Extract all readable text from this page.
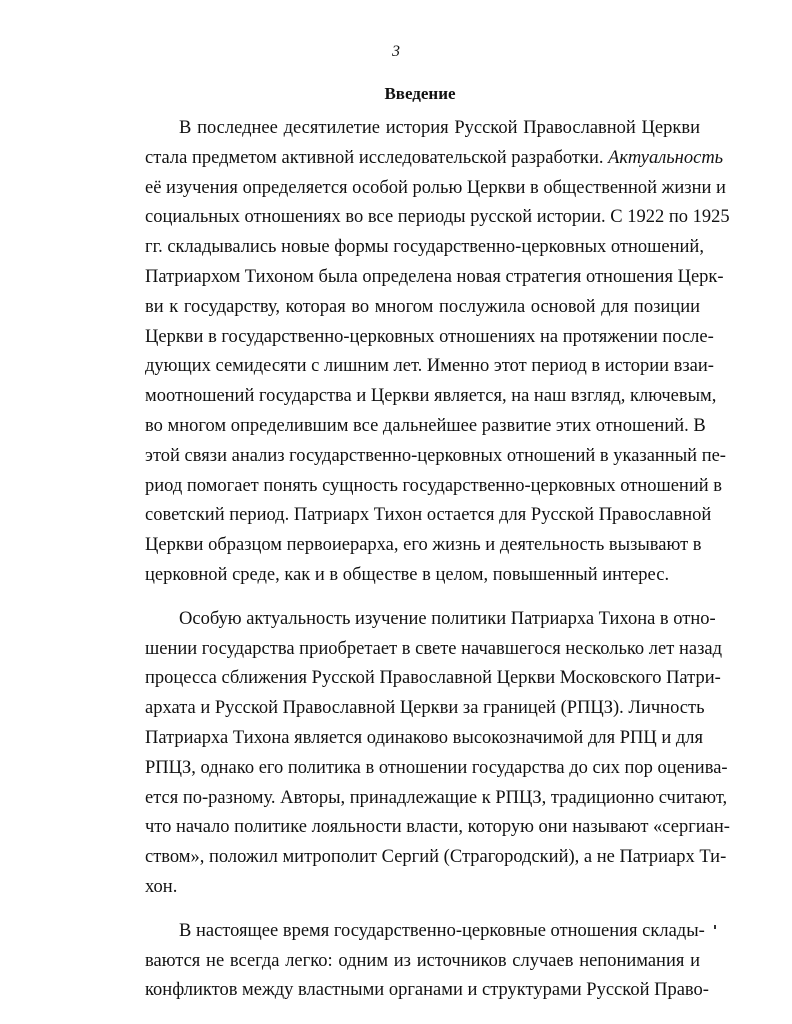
3
Введение
В последнее десятилетие история Русской Православной Церкви
стала предметом активной исследовательской разработки. Актуальность
её изучения определяется особой ролью Церкви в общественной жизни и
социальных отношениях во все периоды русской истории. С 1922 по 1925
гг. складывались новые формы государственно-церковных отношений,
Патриархом Тихоном была определена новая стратегия отношения Церк-
ви к государству, которая во многом послужила основой для позиции
Церкви в государственно-церковных отношениях на протяжении после-
дующих семидесяти с лишним лет. Именно этот период в истории взаи-
моотношений государства и Церкви является, на наш взгляд, ключевым,
во многом определившим все дальнейшее развитие этих отношений. В
этой связи анализ государственно-церковных отношений в указанный пе-
риод помогает понять сущность государственно-церковных отношений в
советский период. Патриарх Тихон остается для Русской Православной
Церкви образцом первоиерарха, его жизнь и деятельность вызывают в
церковной среде, как и в обществе в целом, повышенный интерес.
Особую актуальность изучение политики Патриарха Тихона в отно-
шении государства приобретает в свете начавшегося несколько лет назад
процесса сближения Русской Православной Церкви Московского Патри-
архата и Русской Православной Церкви за границей (РПЦЗ). Личность
Патриарха Тихона является одинаково высокозначимой для РПЦ и для
РПЦЗ, однако его политика в отношении государства до сих пор оценива-
ется по-разному. Авторы, принадлежащие к РПЦЗ, традиционно считают,
что начало политике лояльности власти, которую они называют «сергиан-
ством», положил митрополит Сергий (Страгородский), а не Патриарх Ти-
хон.
В настоящее время государственно-церковные отношения склады-
ваются не всегда легко: одним из источников случаев непонимания и
конфликтов между властными органами и структурами Русской Право-
